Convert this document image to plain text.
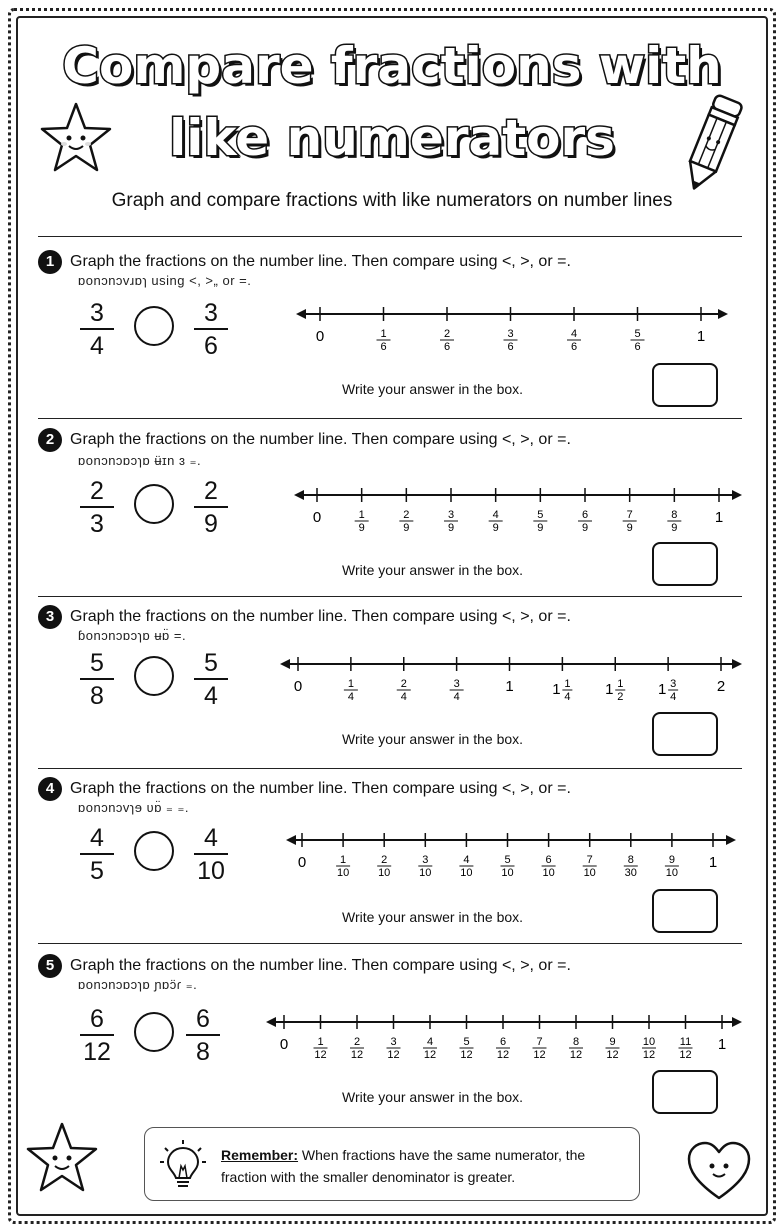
Compare fractions with
like numerators
Graph and compare fractions with like numerators on number lines
1 Graph the fractions on the number line. Then compare using <, >, or =.
ɒonɔnɔvɹɒɿ using <, >„ or =.
3
4
3
6	0	1
6
2
6
3
6
4
6
5
6
1
Write your answer in the box.
2 Graph the fractions on the number line. Then compare using <, >, or =.
ɒonɔnɔɒɔɿɒ ʉ̈ɪn ɜ ₌.
2
3
2
9	0	1
9
2
9
3
9
4
9
5
9
6
9
7
9
8
9
1
Write your answer in the box.
3 Graph the fractions on the number line. Then compare using <, >, or =.
ɓonɔnɔɒɔɿɒ ʉɒ̈ =.
5
8
5
4	0	1
4
2
4
3
4
1	1 1
4 1 1
2 1 3
4
2
Write your answer in the box.
4 Graph the fractions on the number line. Then compare using <, >, or =.
ɒonɔnɔvɿɘ ʋɒ̈ ₌ ₌.
4
5
4
10	0	1
10
2
10
3
10
4
10
5
10
6
10
7
10
8
30
9
10
1
Write your answer in the box.
5 Graph the fractions on the number line. Then compare using <, >, or =.
ɒonɔnɔɒɔɿɒ ɲɒɔ̈ɾ ₌.
6
12
6
8	0	1
12
2
12
3
12
4
12
5
12
6
12
7
12
8
12
9
12
10
12
11
12
1
Write your answer in the box.
Remember: When fractions have the same numerator, the fraction with the smaller denominator is greater.
